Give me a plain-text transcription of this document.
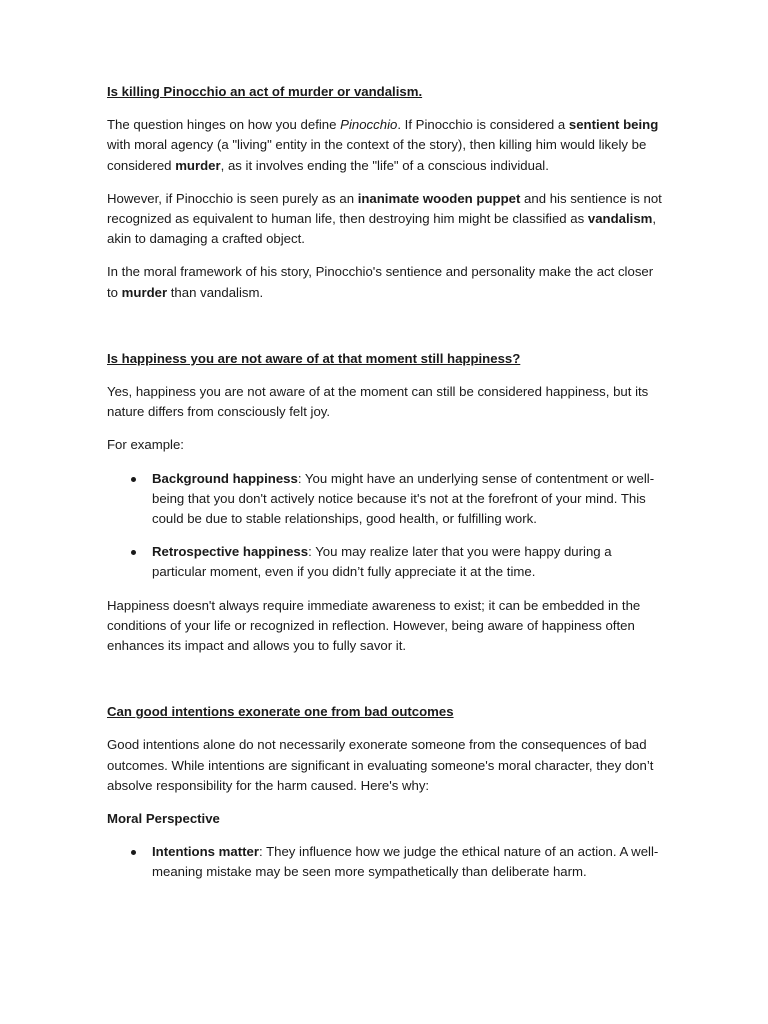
Is killing Pinocchio an act of murder or vandalism.

The question hinges on how you define Pinocchio. If Pinocchio is considered a sentient being with moral agency (a "living" entity in the context of the story), then killing him would likely be considered murder, as it involves ending the "life" of a conscious individual.

However, if Pinocchio is seen purely as an inanimate wooden puppet and his sentience is not recognized as equivalent to human life, then destroying him might be classified as vandalism, akin to damaging a crafted object.

In the moral framework of his story, Pinocchio's sentience and personality make the act closer to murder than vandalism.

Is happiness you are not aware of at that moment still happiness?

Yes, happiness you are not aware of at the moment can still be considered happiness, but its nature differs from consciously felt joy.

For example:

Background happiness: You might have an underlying sense of contentment or well-being that you don't actively notice because it's not at the forefront of your mind. This could be due to stable relationships, good health, or fulfilling work.
Retrospective happiness: You may realize later that you were happy during a particular moment, even if you didn’t fully appreciate it at the time.

Happiness doesn't always require immediate awareness to exist; it can be embedded in the conditions of your life or recognized in reflection. However, being aware of happiness often enhances its impact and allows you to fully savor it.

Can good intentions exonerate one from bad outcomes

Good intentions alone do not necessarily exonerate someone from the consequences of bad outcomes. While intentions are significant in evaluating someone's moral character, they don’t absolve responsibility for the harm caused. Here's why:

Moral Perspective
Intentions matter: They influence how we judge the ethical nature of an action. A well-meaning mistake may be seen more sympathetically than deliberate harm.
